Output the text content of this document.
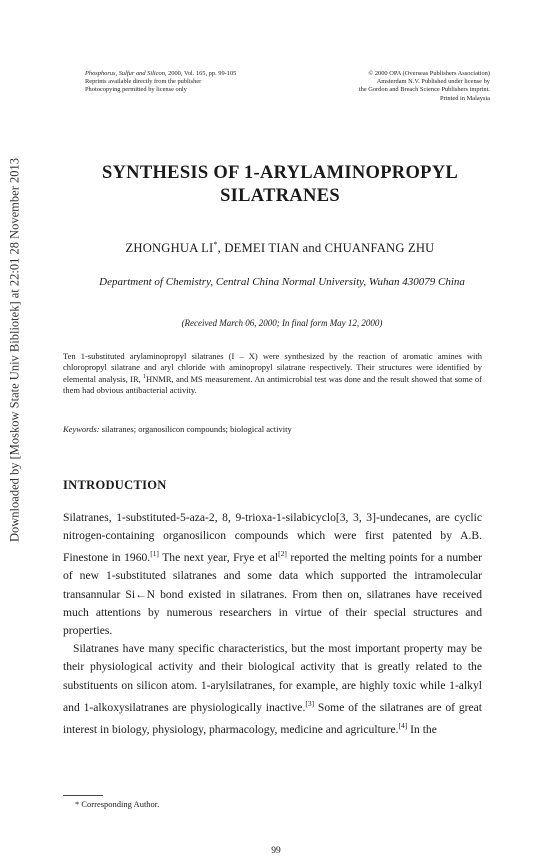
Downloaded by [Moskow State Univ Bibliotek] at 22:01 28 November 2013
Phosphorus, Sulfur and Silicon, 2000, Vol. 165, pp. 99-105
Reprints available directly from the publisher
Photocopying permitted by license only
© 2000 OPA (Overseas Publishers Association)
Amsterdam N.V. Published under license by
the Gordon and Breach Science Publishers imprint.
Printed in Malaysia
SYNTHESIS OF 1-ARYLAMINOPROPYL
SILATRANES
ZHONGHUA LI*, DEMEI TIAN and CHUANFANG ZHU
Department of Chemistry, Central China Normal University, Wuhan 430079 China
(Received March 06, 2000; In final form May 12, 2000)
Ten 1-substituted arylaminopropyl silatranes (I – X) were synthesized by the reaction of aromatic amines with chloropropyl silatrane and aryl chloride with aminopropyl silatrane respectively. Their structures were identified by elemental analysis, IR, $^1$HNMR, and MS measurement. An antimicrobial test was done and the result showed that some of them had obvious antibacterial activity.
Keywords: silatranes; organosilicon compounds; biological activity
INTRODUCTION

Silatranes, 1-substituted-5-aza-2, 8, 9-trioxa-1-silabicyclo[3, 3, 3]-undecanes, are cyclic nitrogen-containing organosilicon compounds which were first patented by A.B. Finestone in 1960.[1] The next year, Frye et al[2] reported the melting points for a number of new 1-substituted silatranes and some data which supported the intramolecular transannular Si←N bond existed in silatranes. From then on, silatranes have received much attentions by numerous researchers in virtue of their special structures and properties.

Silatranes have many specific characteristics, but the most important property may be their physiological activity and their biological activity that is greatly related to the substituents on silicon atom. 1-arylsilatranes, for example, are highly toxic while 1-alkyl and 1-alkoxysilatranes are physiologically inactive.[3] Some of the silatranes are of great interest in biology, physiology, pharmacology, medicine and agriculture.[4] In the

* Corresponding Author.
99
